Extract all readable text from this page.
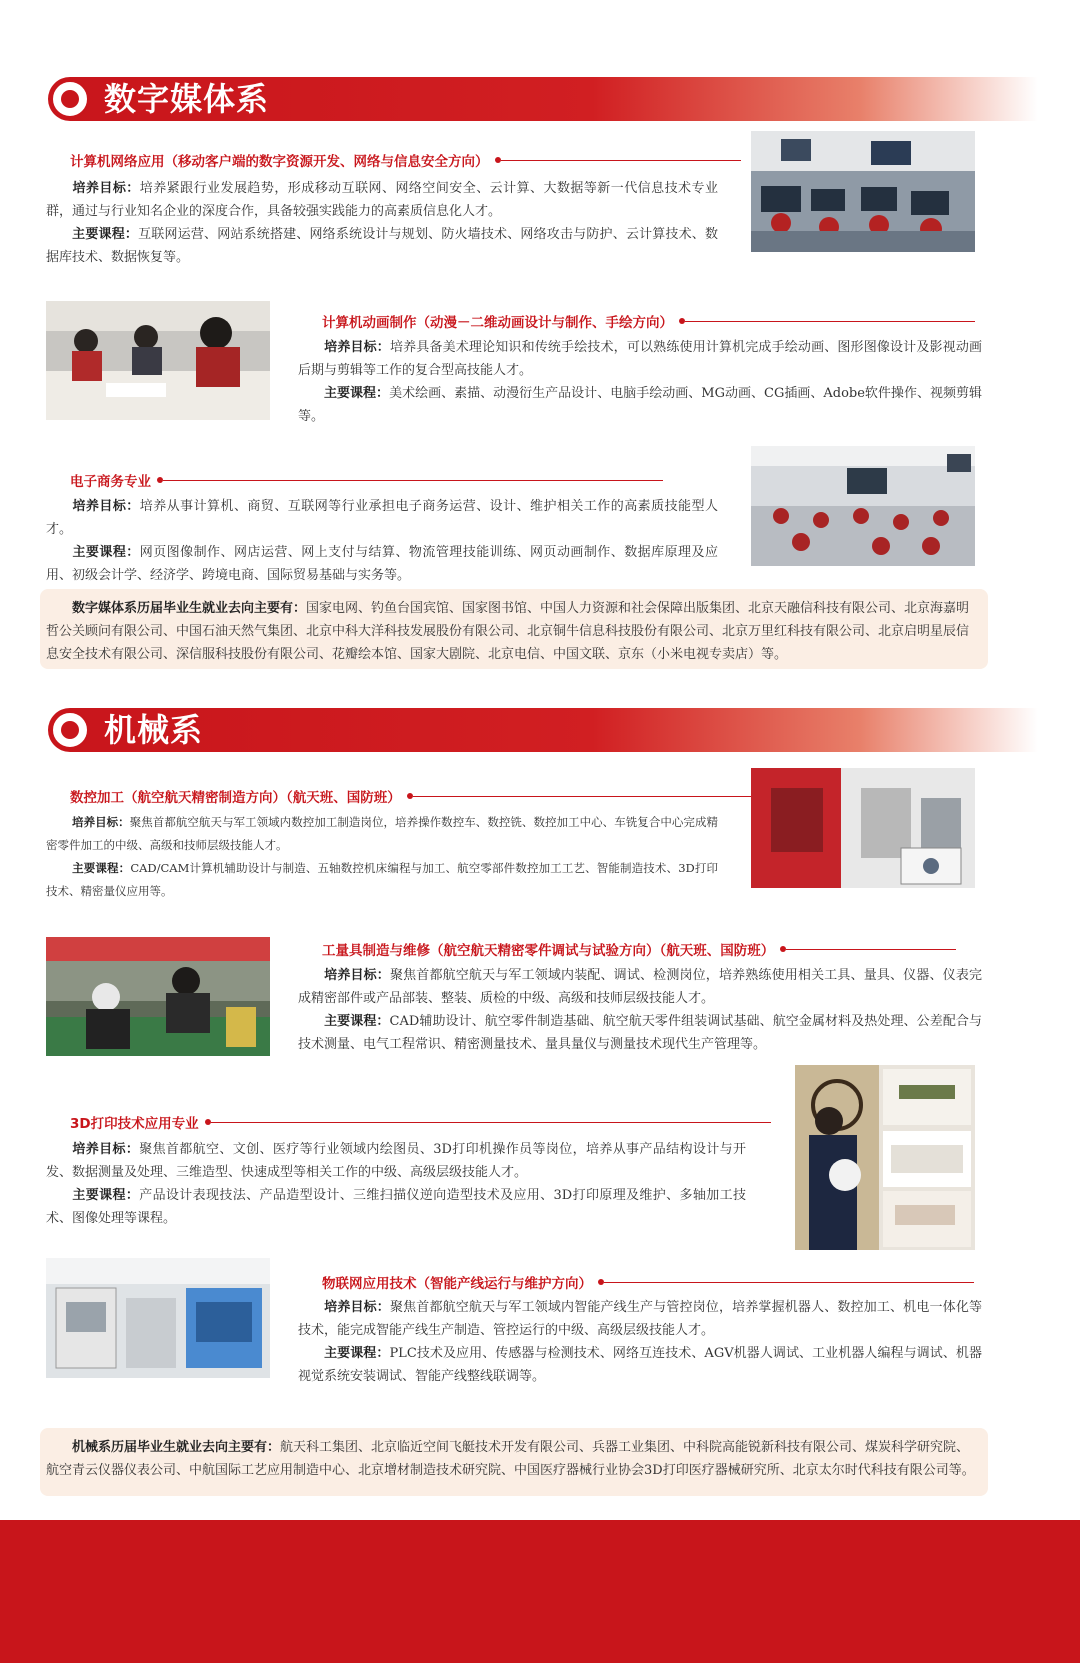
数字媒体系
计算机网络应用（移动客户端的数字资源开发、网络与信息安全方向）
培养目标：培养紧跟行业发展趋势，形成移动互联网、网络空间安全、云计算、大数据等新一代信息技术专业群，通过与行业知名企业的深度合作，具备较强实践能力的高素质信息化人才。
主要课程：互联网运营、网站系统搭建、网络系统设计与规划、防火墙技术、网络攻击与防护、云计算技术、数据库技术、数据恢复等。
计算机动画制作（动漫－二维动画设计与制作、手绘方向）
培养目标：培养具备美术理论知识和传统手绘技术，可以熟练使用计算机完成手绘动画、图形图像设计及影视动画后期与剪辑等工作的复合型高技能人才。
主要课程：美术绘画、素描、动漫衍生产品设计、电脑手绘动画、MG动画、CG插画、Adobe软件操作、视频剪辑等。
电子商务专业
培养目标：培养从事计算机、商贸、互联网等行业承担电子商务运营、设计、维护相关工作的高素质技能型人才。
主要课程：网页图像制作、网店运营、网上支付与结算、物流管理技能训练、网页动画制作、数据库原理及应用、初级会计学、经济学、跨境电商、国际贸易基础与实务等。
数字媒体系历届毕业生就业去向主要有：国家电网、钓鱼台国宾馆、国家图书馆、中国人力资源和社会保障出版集团、北京天融信科技有限公司、北京海嘉明哲公关顾问有限公司、中国石油天然气集团、北京中科大洋科技发展股份有限公司、北京铜牛信息科技股份有限公司、北京万里红科技有限公司、北京启明星辰信息安全技术有限公司、深信服科技股份有限公司、花瓣绘本馆、国家大剧院、北京电信、中国文联、京东（小米电视专卖店）等。
机械系
数控加工（航空航天精密制造方向）（航天班、国防班）
培养目标：聚焦首都航空航天与军工领域内数控加工制造岗位，培养操作数控车、数控铣、数控加工中心、车铣复合中心完成精密零件加工的中级、高级和技师层级技能人才。
主要课程：CAD/CAM计算机辅助设计与制造、五轴数控机床编程与加工、航空零部件数控加工工艺、智能制造技术、3D打印技术、精密量仪应用等。
工量具制造与维修（航空航天精密零件调试与试验方向）（航天班、国防班）
培养目标：聚焦首都航空航天与军工领域内装配、调试、检测岗位，培养熟练使用相关工具、量具、仪器、仪表完成精密部件或产品部装、整装、质检的中级、高级和技师层级技能人才。
主要课程：CAD辅助设计、航空零件制造基础、航空航天零件组装调试基础、航空金属材料及热处理、公差配合与技术测量、电气工程常识、精密测量技术、量具量仪与测量技术现代生产管理等。
3D打印技术应用专业
培养目标：聚焦首都航空、文创、医疗等行业领域内绘图员、3D打印机操作员等岗位，培养从事产品结构设计与开发、数据测量及处理、三维造型、快速成型等相关工作的中级、高级层级技能人才。
主要课程：产品设计表现技法、产品造型设计、三维扫描仪逆向造型技术及应用、3D打印原理及维护、多轴加工技术、图像处理等课程。
物联网应用技术（智能产线运行与维护方向）
培养目标：聚焦首都航空航天与军工领域内智能产线生产与管控岗位，培养掌握机器人、数控加工、机电一体化等技术，能完成智能产线生产制造、管控运行的中级、高级层级技能人才。
主要课程：PLC技术及应用、传感器与检测技术、网络互连技术、AGV机器人调试、工业机器人编程与调试、机器视觉系统安装调试、智能产线整线联调等。
机械系历届毕业生就业去向主要有：航天科工集团、北京临近空间飞艇技术开发有限公司、兵器工业集团、中科院高能锐新科技有限公司、煤炭科学研究院、航空青云仪器仪表公司、中航国际工艺应用制造中心、北京增材制造技术研究院、中国医疗器械行业协会3D打印医疗器械研究所、北京太尔时代科技有限公司等。
